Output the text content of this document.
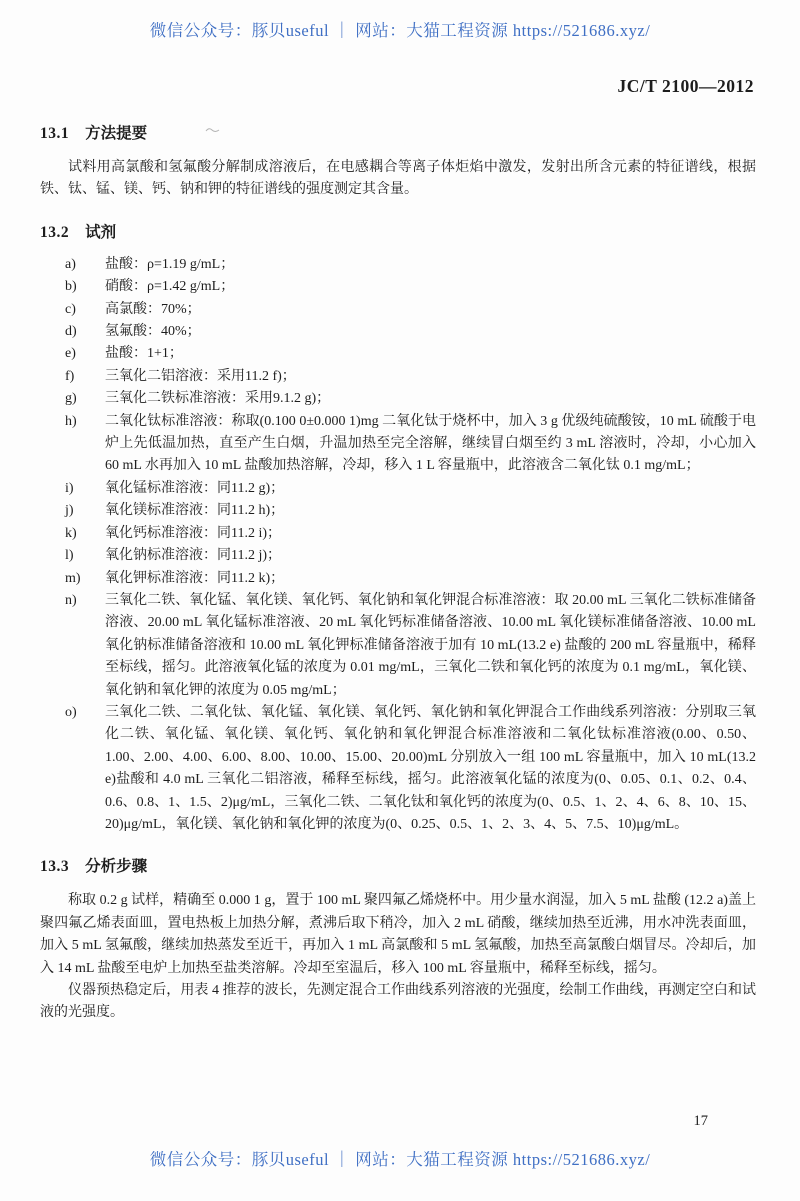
微信公众号：豚贝useful ｜ 网站：大猫工程资源 https://521686.xyz/
JC/T 2100—2012
13.1 方法提要

试料用高氯酸和氢氟酸分解制成溶液后，在电感耦合等离子体炬焰中激发，发射出所含元素的特征谱线，根据铁、钛、锰、镁、钙、钠和钾的特征谱线的强度测定其含量。

13.2 试剂
a) 盐酸：ρ=1.19 g/mL；
b) 硝酸：ρ=1.42 g/mL；
c) 高氯酸：70%；
d) 氢氟酸：40%；
e) 盐酸：1+1；
f) 三氧化二铝溶液：采用11.2 f)；
g) 三氧化二铁标准溶液：采用9.1.2 g)；
h) 二氧化钛标准溶液：称取(0.100 0±0.000 1)mg 二氧化钛于烧杯中，加入 3 g 优级纯硫酸铵，10 mL 硫酸于电炉上先低温加热，直至产生白烟，升温加热至完全溶解，继续冒白烟至约 3 mL 溶液时，冷却，小心加入 60 mL 水再加入 10 mL 盐酸加热溶解，冷却，移入 1 L 容量瓶中，此溶液含二氧化钛 0.1 mg/mL；
i) 氧化锰标准溶液：同11.2 g)；
j) 氧化镁标准溶液：同11.2 h)；
k) 氧化钙标准溶液：同11.2 i)；
l) 氧化钠标准溶液：同11.2 j)；
m) 氧化钾标准溶液：同11.2 k)；
n) 三氧化二铁、氧化锰、氧化镁、氧化钙、氧化钠和氧化钾混合标准溶液：取 20.00 mL 三氧化二铁标准储备溶液、20.00 mL 氧化锰标准溶液、20 mL 氧化钙标准储备溶液、10.00 mL 氧化镁标准储备溶液、10.00 mL 氧化钠标准储备溶液和 10.00 mL 氧化钾标准储备溶液于加有 10 mL(13.2 e) 盐酸的 200 mL 容量瓶中，稀释至标线，摇匀。此溶液氧化锰的浓度为 0.01 mg/mL，三氧化二铁和氧化钙的浓度为 0.1 mg/mL，氧化镁、氧化钠和氧化钾的浓度为 0.05 mg/mL；
o) 三氧化二铁、二氧化钛、氧化锰、氧化镁、氧化钙、氧化钠和氧化钾混合工作曲线系列溶液：分别取三氧化二铁、氧化锰、氧化镁、氧化钙、氧化钠和氧化钾混合标准溶液和二氧化钛标准溶液(0.00、0.50、1.00、2.00、4.00、6.00、8.00、10.00、15.00、20.00)mL 分别放入一组 100 mL 容量瓶中，加入 10 mL(13.2 e)盐酸和 4.0 mL 三氧化二铝溶液，稀释至标线，摇匀。此溶液氧化锰的浓度为(0、0.05、0.1、0.2、0.4、0.6、0.8、1、1.5、2)μg/mL，三氧化二铁、二氧化钛和氧化钙的浓度为(0、0.5、1、2、4、6、8、10、15、20)μg/mL，氧化镁、氧化钠和氧化钾的浓度为(0、0.25、0.5、1、2、3、4、5、7.5、10)μg/mL。
13.3 分析步骤

称取 0.2 g 试样，精确至 0.000 1 g，置于 100 mL 聚四氟乙烯烧杯中。用少量水润湿，加入 5 mL 盐酸 (12.2 a)盖上聚四氟乙烯表面皿，置电热板上加热分解，煮沸后取下稍冷，加入 2 mL 硝酸，继续加热至近沸，用水冲洗表面皿，加入 5 mL 氢氟酸，继续加热蒸发至近干，再加入 1 mL 高氯酸和 5 mL 氢氟酸，加热至高氯酸白烟冒尽。冷却后，加入 14 mL 盐酸至电炉上加热至盐类溶解。冷却至室温后，移入 100 mL 容量瓶中，稀释至标线，摇匀。

仪器预热稳定后，用表 4 推荐的波长，先测定混合工作曲线系列溶液的光强度，绘制工作曲线，再测定空白和试液的光强度。

17
微信公众号：豚贝useful ｜ 网站：大猫工程资源 https://521686.xyz/
